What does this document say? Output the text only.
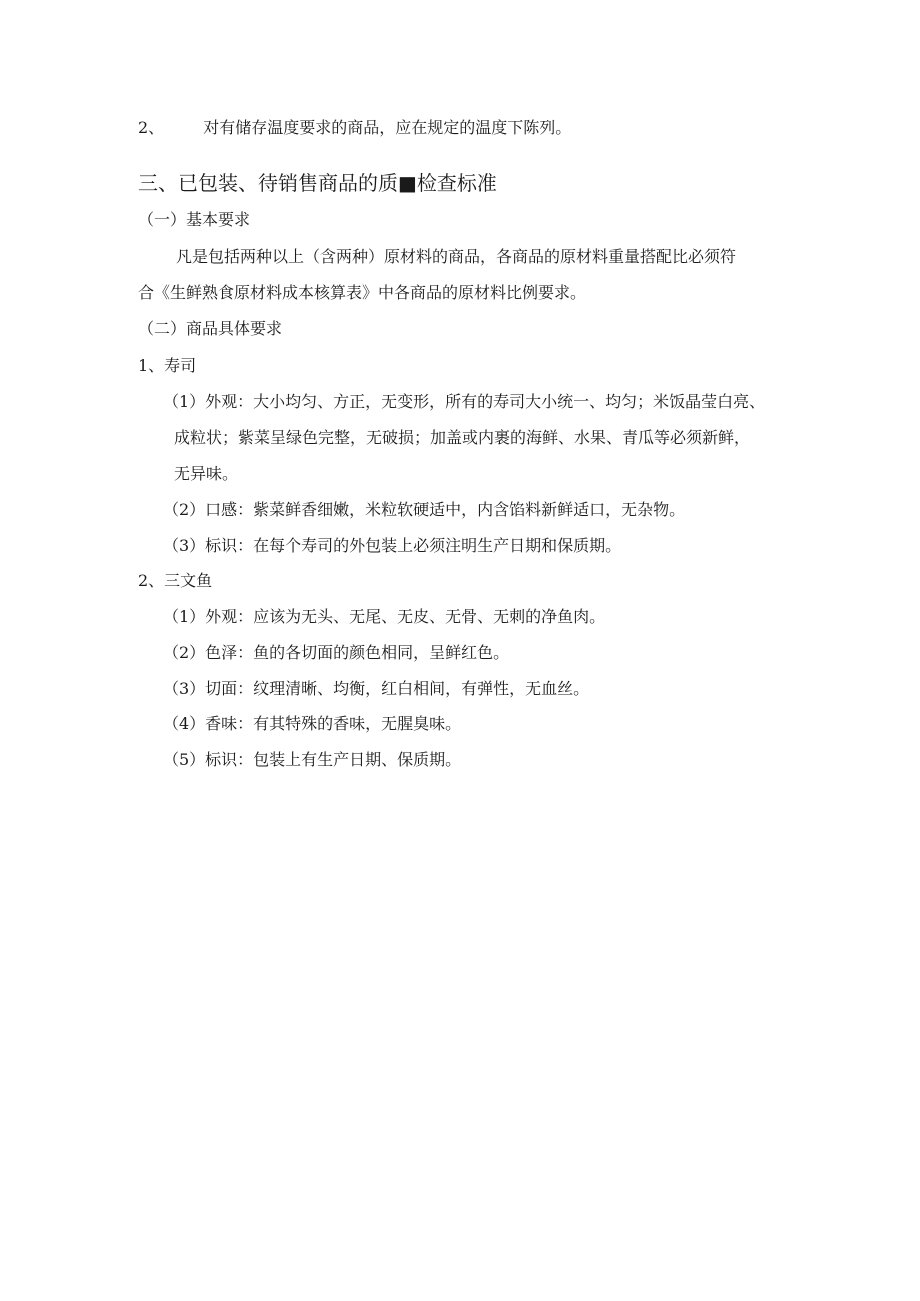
2、 对有储存温度要求的商品，应在规定的温度下陈列。
三、已包装、待销售商品的质■检查标准
（一）基本要求
凡是包括两种以上（含两种）原材料的商品，各商品的原材料重量搭配比必须符
合《生鲜熟食原材料成本核算表》中各商品的原材料比例要求。
（二）商品具体要求
1、寿司
（1）外观：大小均匀、方正，无变形，所有的寿司大小统一、均匀；米饭晶莹白亮、
成粒状；紫菜呈绿色完整，无破损；加盖或内裹的海鲜、水果、青瓜等必须新鲜，
无异味。
（2）口感：紫菜鲜香细嫩，米粒软硬适中，内含馅料新鲜适口，无杂物。
（3）标识：在每个寿司的外包装上必须注明生产日期和保质期。
2、三文鱼
（1）外观：应该为无头、无尾、无皮、无骨、无刺的净鱼肉。
（2）色泽：鱼的各切面的颜色相同，呈鲜红色。
（3）切面：纹理清晰、均衡，红白相间，有弹性，无血丝。
（4）香味：有其特殊的香味，无腥臭味。
（5）标识：包装上有生产日期、保质期。
